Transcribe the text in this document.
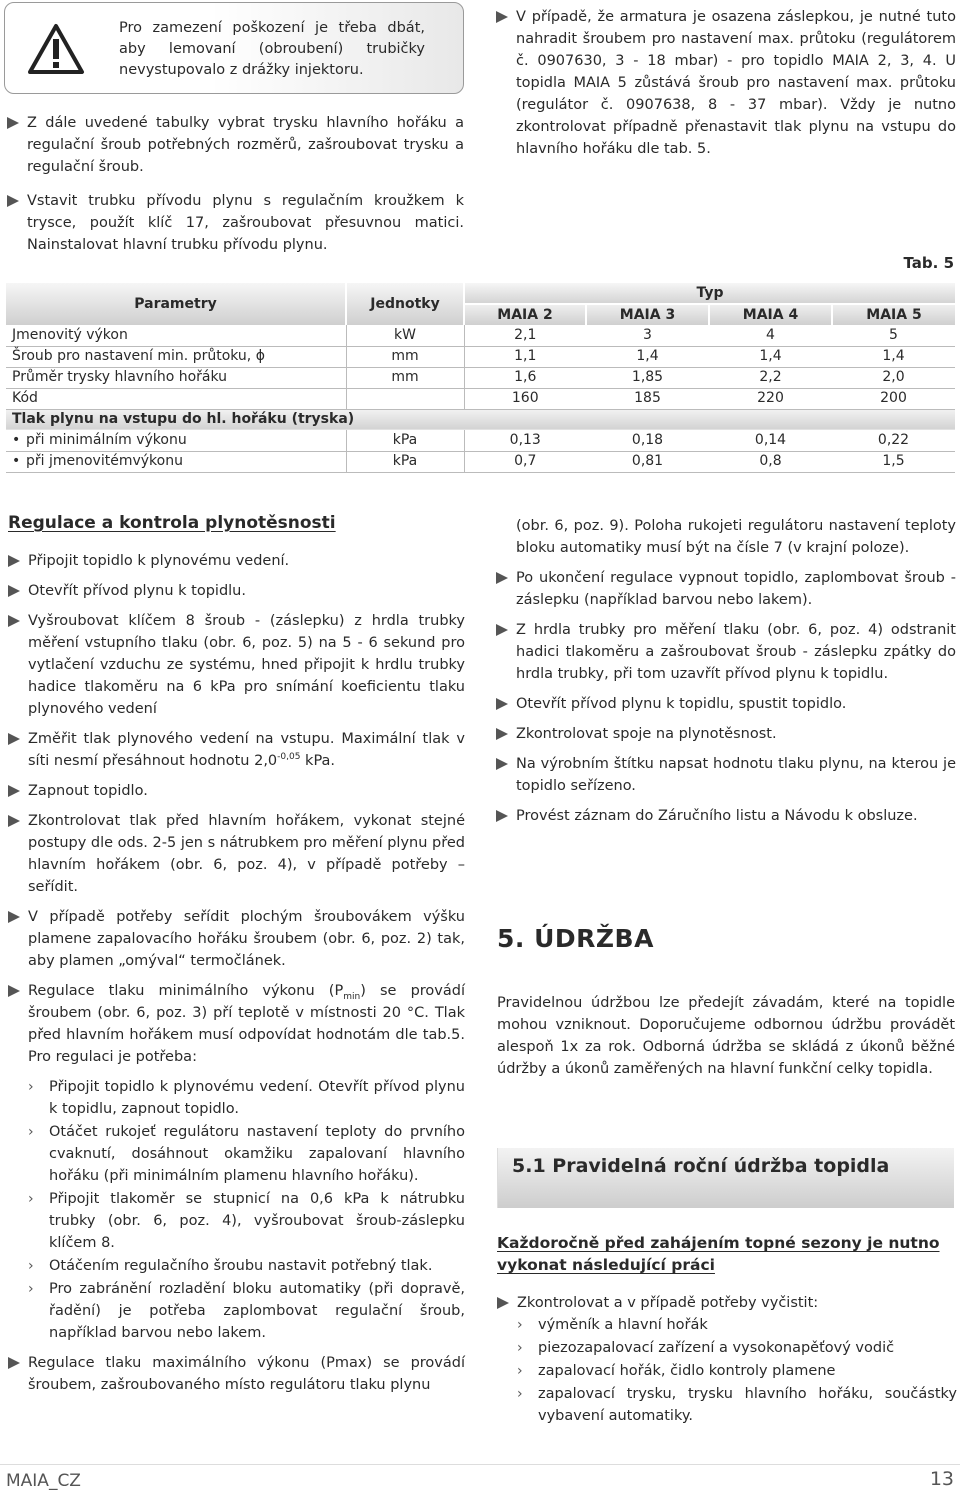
Pro zamezení poškození je třeba dbát, aby lemovaní (obroubení) trubičky nevystupovalo z drážky injektoru.
Z dále uvedené tabulky vybrat trysku hlavního hořáku a regulační šroub potřebných rozměrů, zašroubovat trysku a regulační šroub.
Vstavit trubku přívodu plynu s regulačním kroužkem k trysce, použít klíč 17, zašroubovat přesuvnou matici. Nainstalovat hlavní trubku přívodu plynu.
V případě, že armatura je osazena záslepkou, je nutné tuto nahradit šroubem pro nastavení max. průtoku (regulátorem č. 0907630, 3 - 18 mbar) - pro topidlo MAIA 2, 3, 4. U topidla MAIA 5 zůstává šroub pro nastavení max. průtoku (regulátor č. 0907638, 8 - 37 mbar). Vždy je nutno zkontrolovat případně přenastavit tlak plynu na vstupu do hlavního hořáku dle tab. 5.
Tab. 5
Parametry	Jednotky	Typ			
		MAIA 2	MAIA 3	MAIA 4	MAIA 5
Jmenovitý výkon	kW	2,1	3	4	5
Šroub pro nastavení min. průtoku, ϕ	mm	1,1	1,4	1,4	1,4
Průměr trysky hlavního hořáku	mm	1,6	1,85	2,2	2,0
Kód		160	185	220	200
Tlak plynu na vstupu do hl. hořáku (tryska)					
• při minimálním výkonu	kPa	0,13	0,18	0,14	0,22
• při jmenovitémvýkonu	kPa	0,7	0,81	0,8	1,5
Regulace a kontrola plynotěsnosti
Připojit topidlo k plynovému vedení.
Otevřít přívod plynu k topidlu.
Vyšroubovat klíčem 8 šroub - (záslepku) z hrdla trubky měření vstupního tlaku (obr. 6, poz. 5) na 5 - 6 sekund pro vytlačení vzduchu ze systému, hned připojit k hrdlu trubky hadice tlakoměru na 6 kPa pro snímání koeficientu tlaku plynového vedení
Změřit tlak plynového vedení na vstupu. Maximální tlak v síti nesmí přesáhnout hodnotu $2,0^{-0,05}$ kPa.
Zapnout topidlo.
Zkontrolovat tlak před hlavním hořákem, vykonat stejné postupy dle ods. 2-5 jen s nátrubkem pro měření plynu před hlavním hořákem (obr. 6, poz. 4), v případě potřeby – seřídit.
V případě potřeby seřídit plochým šroubovákem výšku plamene zapalovacího hořáku šroubem (obr. 6, poz. 2) tak, aby plamen „omýval“ termočlánek.
Regulace tlaku minimálního výkonu $(P_{min})$ se provádí šroubem (obr. 6, poz. 3) pří teplotě v místnosti 20 °C. Tlak před hlavním hořákem musí odpovídat hodnotám dle tab.5. Pro regulaci je potřeba:
› Připojit topidlo k plynovému vedení. Otevřít přívod plynu k topidlu, zapnout topidlo.
› Otáčet rukojeť regulátoru nastavení teploty do prvního cvaknutí, dosáhnout okamžiku zapalovaní hlavního hořáku (při minimálním plamenu hlavního hořáku).
› Připojit tlakoměr se stupnicí na 0,6 kPa k nátrubku trubky (obr. 6, poz. 4), vyšroubovat šroub-záslepku klíčem 8.
› Otáčením regulačního šroubu nastavit potřebný tlak.
› Pro zabránění rozladění bloku automatiky (při dopravě, řadění) je potřeba zaplombovat regulační šroub, například barvou nebo lakem.
Regulace tlaku maximálního výkonu (Pmax) se provádí šroubem, zašroubovaného místo regulátoru tlaku plynu
(obr. 6, poz. 9). Poloha rukojeti regulátoru nastavení teploty bloku automatiky musí být na čísle 7 (v krajní poloze).
Po ukončení regulace vypnout topidlo, zaplombovat šroub - záslepku (například barvou nebo lakem).
Z hrdla trubky pro měření tlaku (obr. 6, poz. 4) odstranit hadici tlakoměru a zašroubovat šroub - záslepku zpátky do hrdla trubky, při tom uzavřít přívod plynu k topidlu.
Otevřít přívod plynu k topidlu, spustit topidlo.
Zkontrolovat spoje na plynotěsnost.
Na výrobním štítku napsat hodnotu tlaku plynu, na kterou je topidlo seřízeno.
Provést záznam do Záručního listu a Návodu k obsluze.
5. ÚDRŽBA
Pravidelnou údržbou lze předejít závadám, které na topidle mohou vzniknout. Doporučujeme odbornou údržbu provádět alespoň 1x za rok. Odborná údržba se skládá z úkonů běžné údržby a úkonů zaměřených na hlavní funkční celky topidla.
5.1 Pravidelná roční údržba topidla
Každoročně před zahájením topné sezony je nutno vykonat následující práci
Zkontrolovat a v případě potřeby vyčistit:
› výměník a hlavní hořák
› piezozapalovací zařízení a vysokonapěťový vodič
› zapalovací hořák, čidlo kontroly plamene
› zapalovací trysku, trysku hlavního hořáku, součástky vybavení automatiky.
MAIA_CZ	13
